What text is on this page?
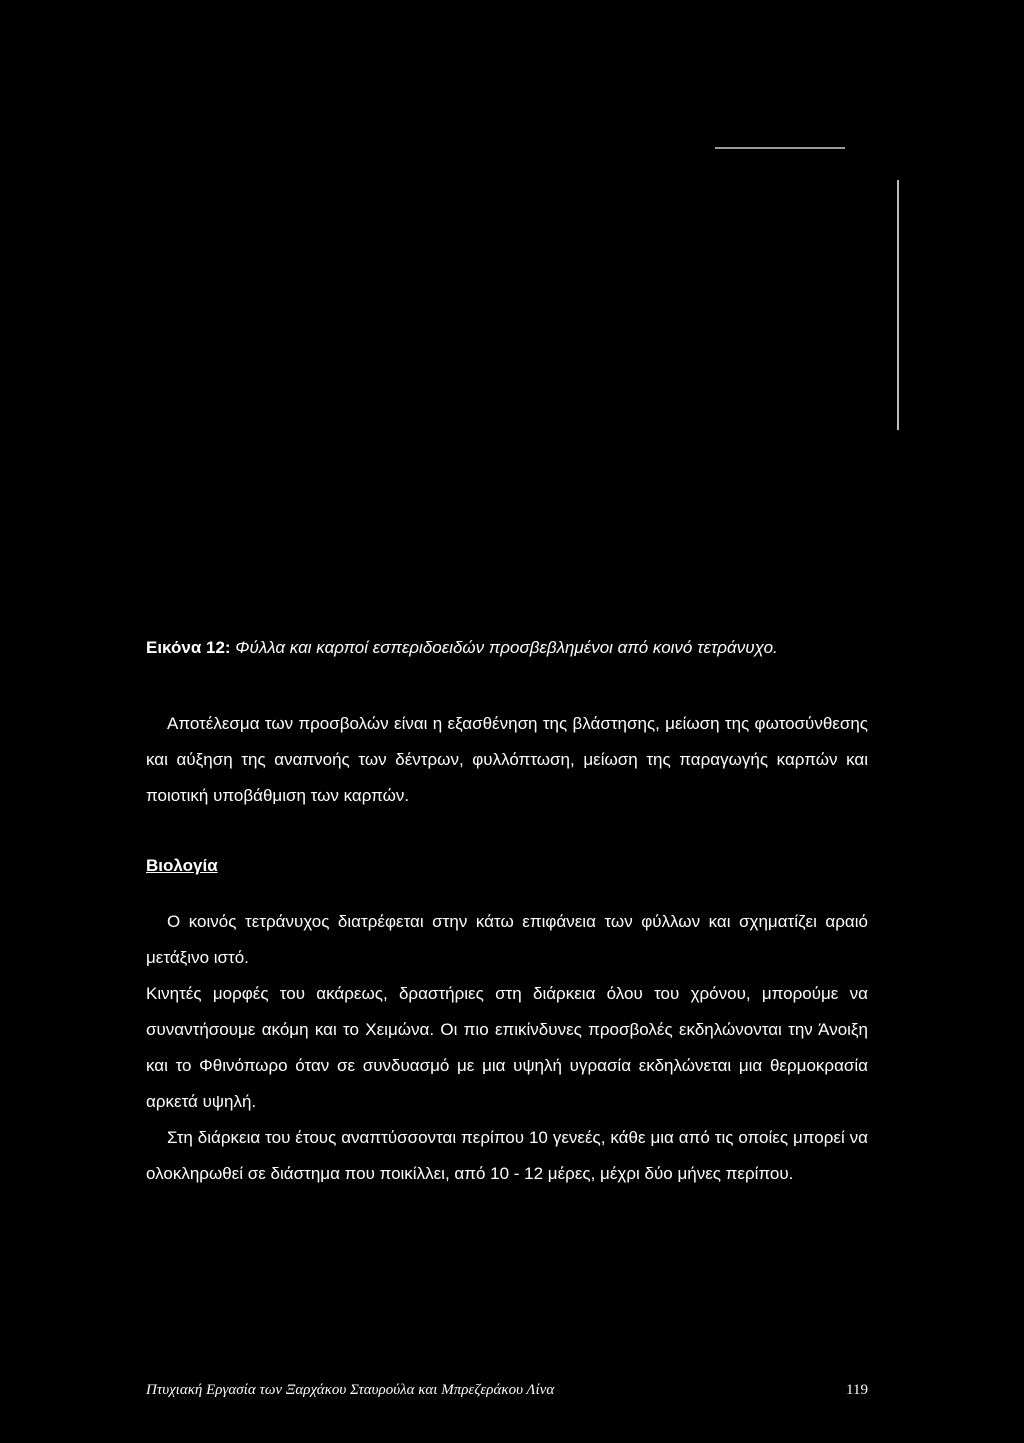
Εικόνα 12: Φύλλα και καρποί εσπεριδοειδών προσβεβλημένοι από κοινό τετράνυχο.

Αποτέλεσμα των προσβολών είναι η εξασθένηση της βλάστησης, μείωση της φωτοσύνθεσης και αύξηση της αναπνοής των δέντρων, φυλλόπτωση, μείωση της παραγωγής καρπών και ποιοτική υποβάθμιση των καρπών.

Βιολογία

Ο κοινός τετράνυχος διατρέφεται στην κάτω επιφάνεια των φύλλων και σχηματίζει αραιό μετάξινο ιστό.

Κινητές μορφές του ακάρεως, δραστήριες στη διάρκεια όλου του χρόνου, μπορούμε να συναντήσουμε ακόμη και το Χειμώνα. Οι πιο επικίνδυνες προσβολές εκδηλώνονται την Άνοιξη και το Φθινόπωρο όταν σε συνδυασμό με μια υψηλή υγρασία εκδηλώνεται μια θερμοκρασία αρκετά υψηλή.

Στη διάρκεια του έτους αναπτύσσονται περίπου 10 γενεές, κάθε μια από τις οποίες μπορεί να ολοκληρωθεί σε διάστημα που ποικίλλει, από 10 - 12 μέρες, μέχρι δύο μήνες περίπου.

Πτυχιακή Εργασία των Ξαρχάκου Σταυρούλα και Μπρεζεράκου Λίνα	119
